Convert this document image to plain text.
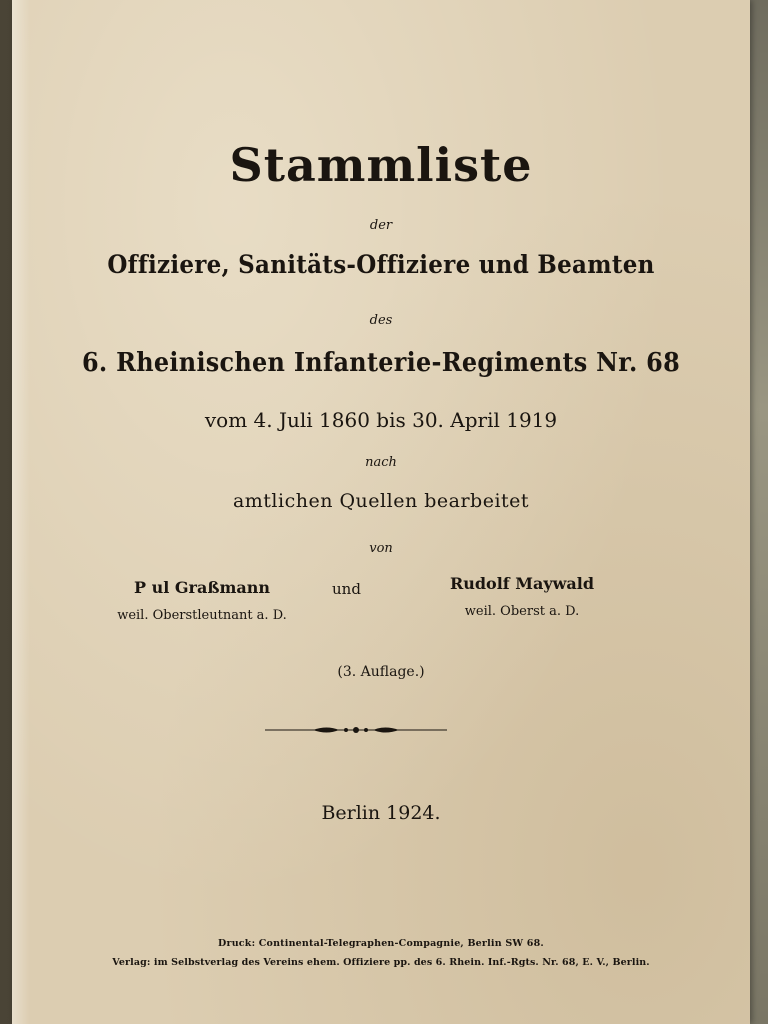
Stammliste
der
Offiziere, Sanitäts-Offiziere und Beamten
des
6. Rheinischen Infanterie-Regiments Nr. 68
vom 4. Juli 1860 bis 30. April 1919
nach
amtlichen Quellen bearbeitet
von
P ul Graßmann
weil. Oberstleutnant a. D.
und	Rudolf Maywald
weil. Oberst a. D.
(3. Auflage.)
Berlin 1924.
Druck: Continental-Telegraphen-Compagnie, Berlin SW 68.
Verlag: im Selbstverlag des Vereins ehem. Offiziere pp. des 6. Rhein. Inf.-Rgts. Nr. 68, E. V., Berlin.
